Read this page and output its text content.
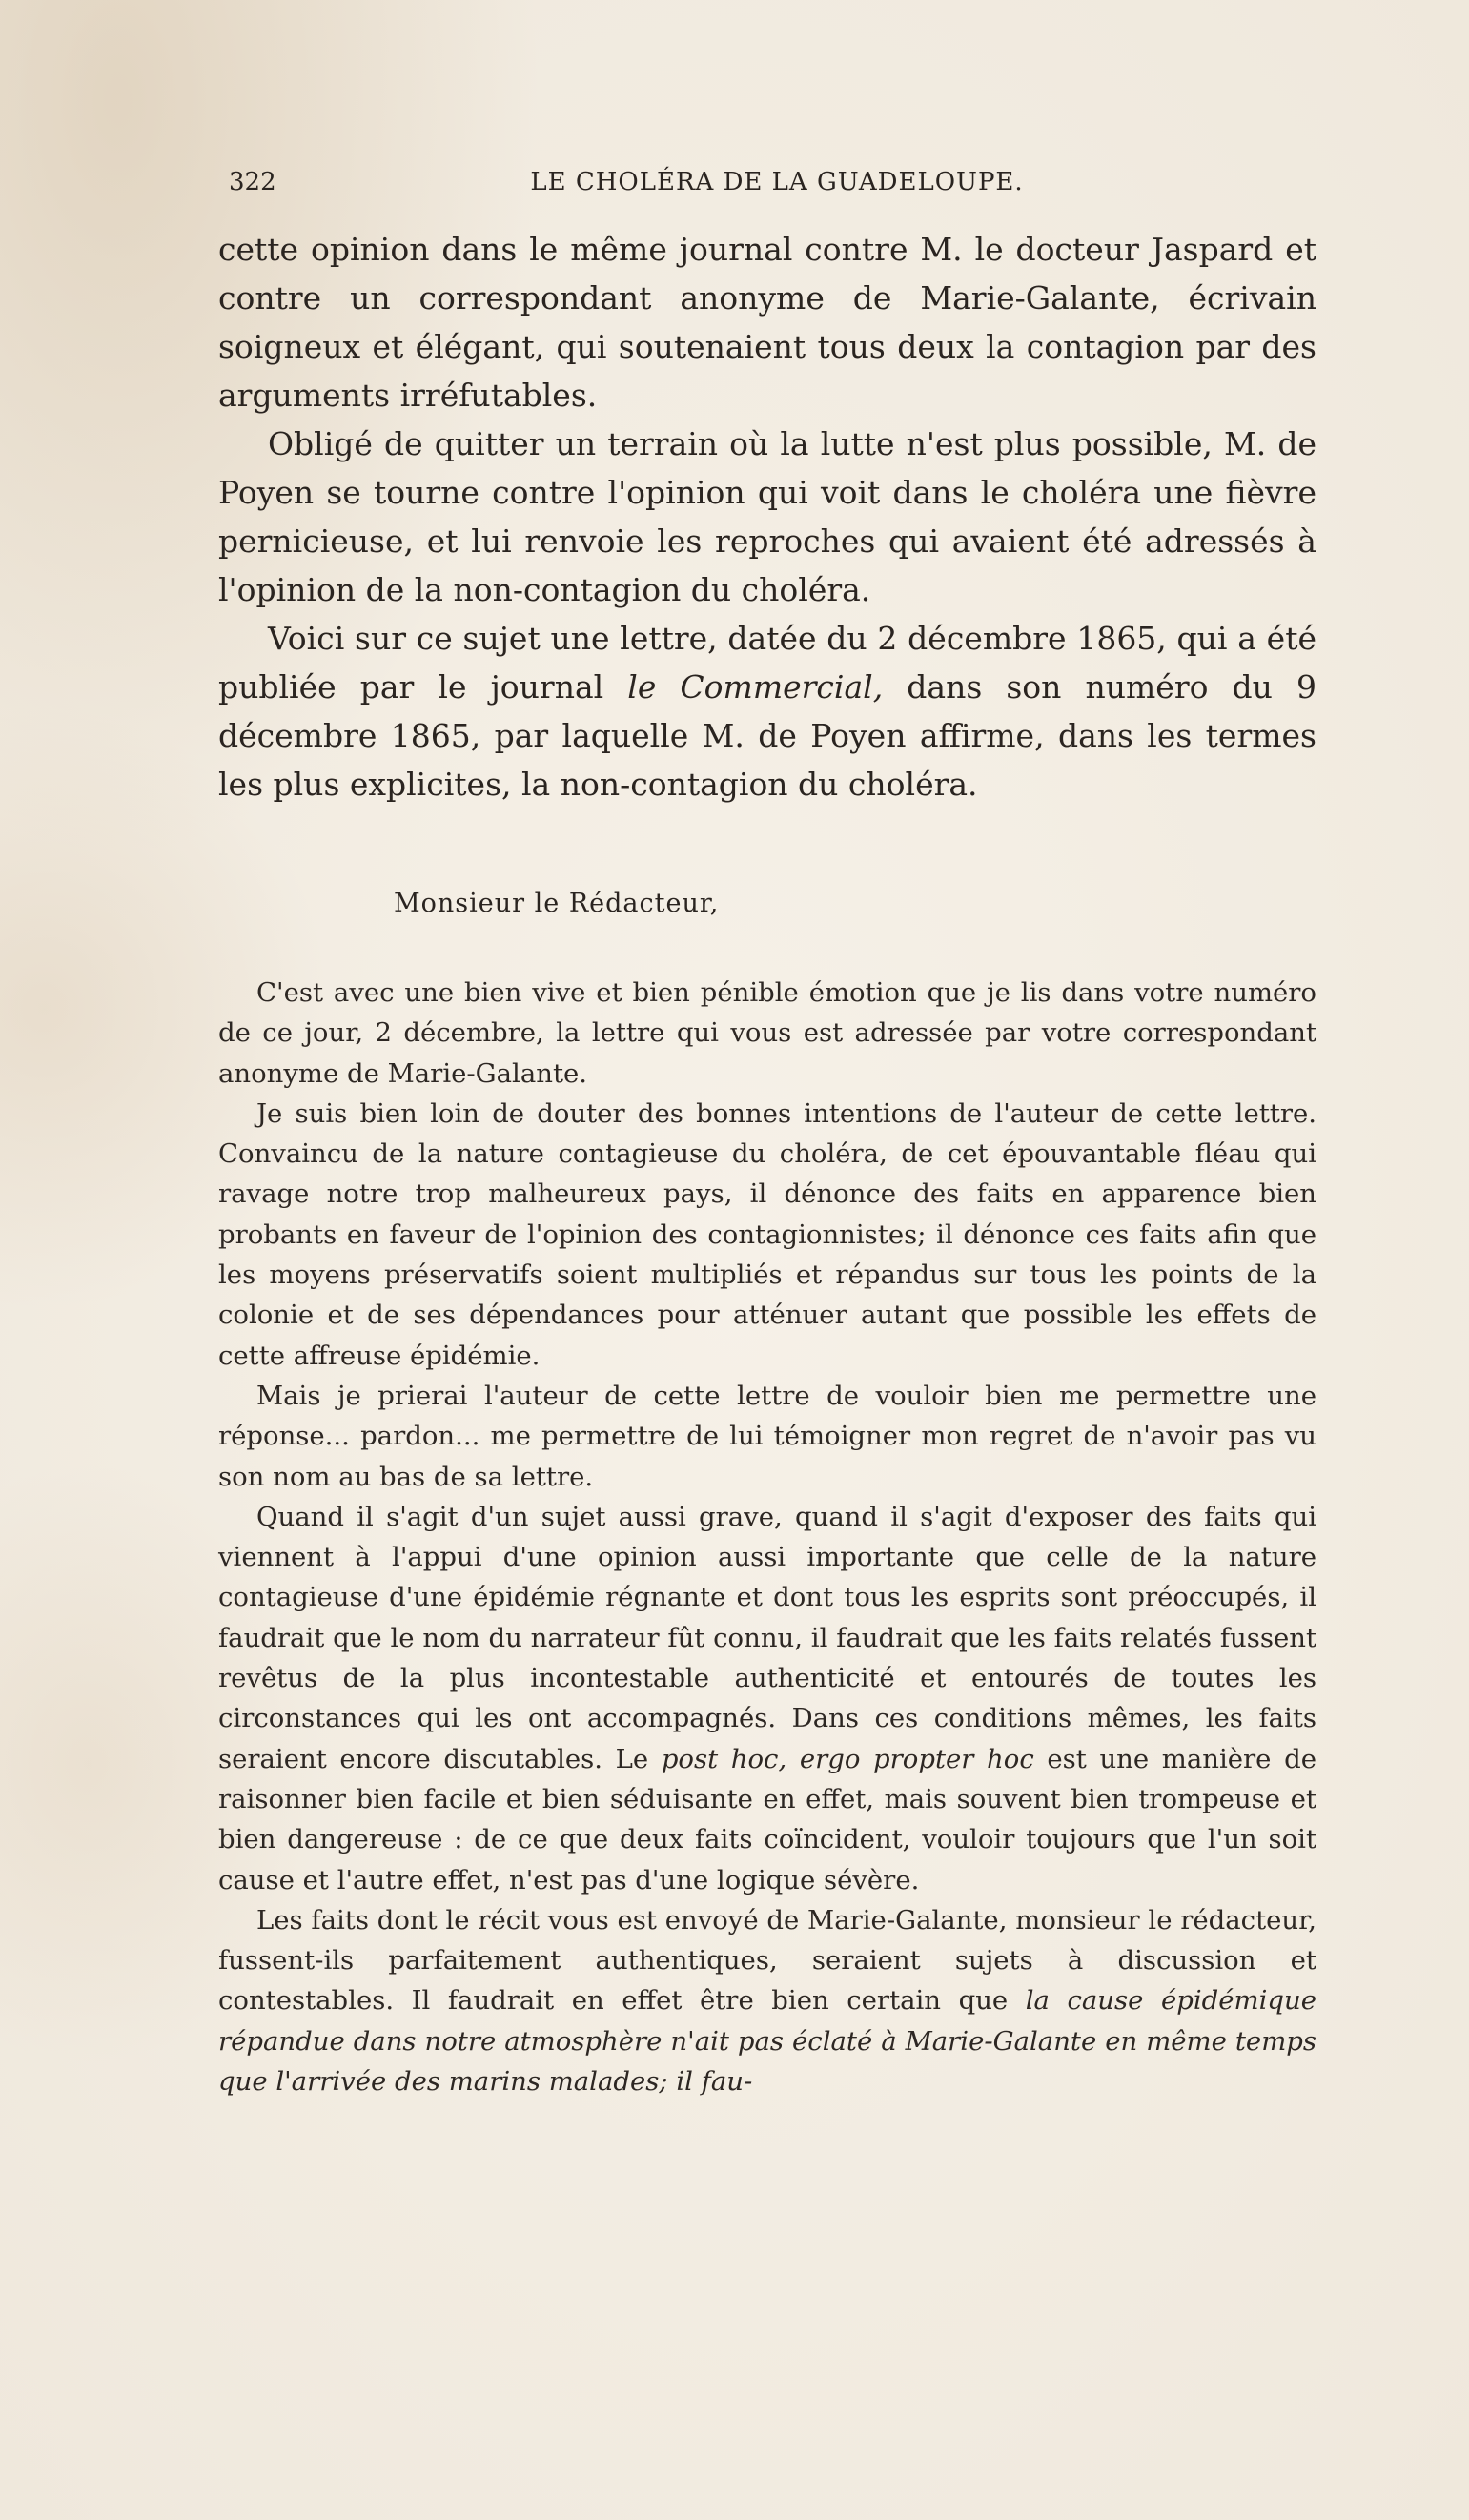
322	LE CHOLÉRA DE LA GUADELOUPE.

cette opinion dans le même journal contre M. le docteur Jaspard et contre un correspondant anonyme de Marie-Galante, écrivain soigneux et élégant, qui soutenaient tous deux la contagion par des arguments irréfutables.

Obligé de quitter un terrain où la lutte n'est plus possible, M. de Poyen se tourne contre l'opinion qui voit dans le choléra une fièvre pernicieuse, et lui renvoie les reproches qui avaient été adressés à l'opinion de la non-contagion du choléra.

Voici sur ce sujet une lettre, datée du 2 décembre 1865, qui a été publiée par le journal le Commercial, dans son numéro du 9 décembre 1865, par laquelle M. de Poyen affirme, dans les termes les plus explicites, la non-contagion du choléra.

Monsieur le Rédacteur,

C'est avec une bien vive et bien pénible émotion que je lis dans votre numéro de ce jour, 2 décembre, la lettre qui vous est adressée par votre correspondant anonyme de Marie-Galante.

Je suis bien loin de douter des bonnes intentions de l'auteur de cette lettre. Convaincu de la nature contagieuse du choléra, de cet épouvantable fléau qui ravage notre trop malheureux pays, il dénonce des faits en apparence bien probants en faveur de l'opinion des contagionnistes; il dénonce ces faits afin que les moyens préservatifs soient multipliés et répandus sur tous les points de la colonie et de ses dépendances pour atténuer autant que possible les effets de cette affreuse épidémie.

Mais je prierai l'auteur de cette lettre de vouloir bien me permettre une réponse... pardon... me permettre de lui témoigner mon regret de n'avoir pas vu son nom au bas de sa lettre.

Quand il s'agit d'un sujet aussi grave, quand il s'agit d'exposer des faits qui viennent à l'appui d'une opinion aussi importante que celle de la nature contagieuse d'une épidémie régnante et dont tous les esprits sont préoccupés, il faudrait que le nom du narrateur fût connu, il faudrait que les faits relatés fussent revêtus de la plus incontestable authenticité et entourés de toutes les circonstances qui les ont accompagnés. Dans ces conditions mêmes, les faits seraient encore discutables. Le post hoc, ergo propter hoc est une manière de raisonner bien facile et bien séduisante en effet, mais souvent bien trompeuse et bien dangereuse : de ce que deux faits coïncident, vouloir toujours que l'un soit cause et l'autre effet, n'est pas d'une logique sévère.

Les faits dont le récit vous est envoyé de Marie-Galante, monsieur le rédacteur, fussent-ils parfaitement authentiques, seraient sujets à discussion et contestables. Il faudrait en effet être bien certain que la cause épidémique répandue dans notre atmosphère n'ait pas éclaté à Marie-Galante en même temps que l'arrivée des marins malades; il fau-
